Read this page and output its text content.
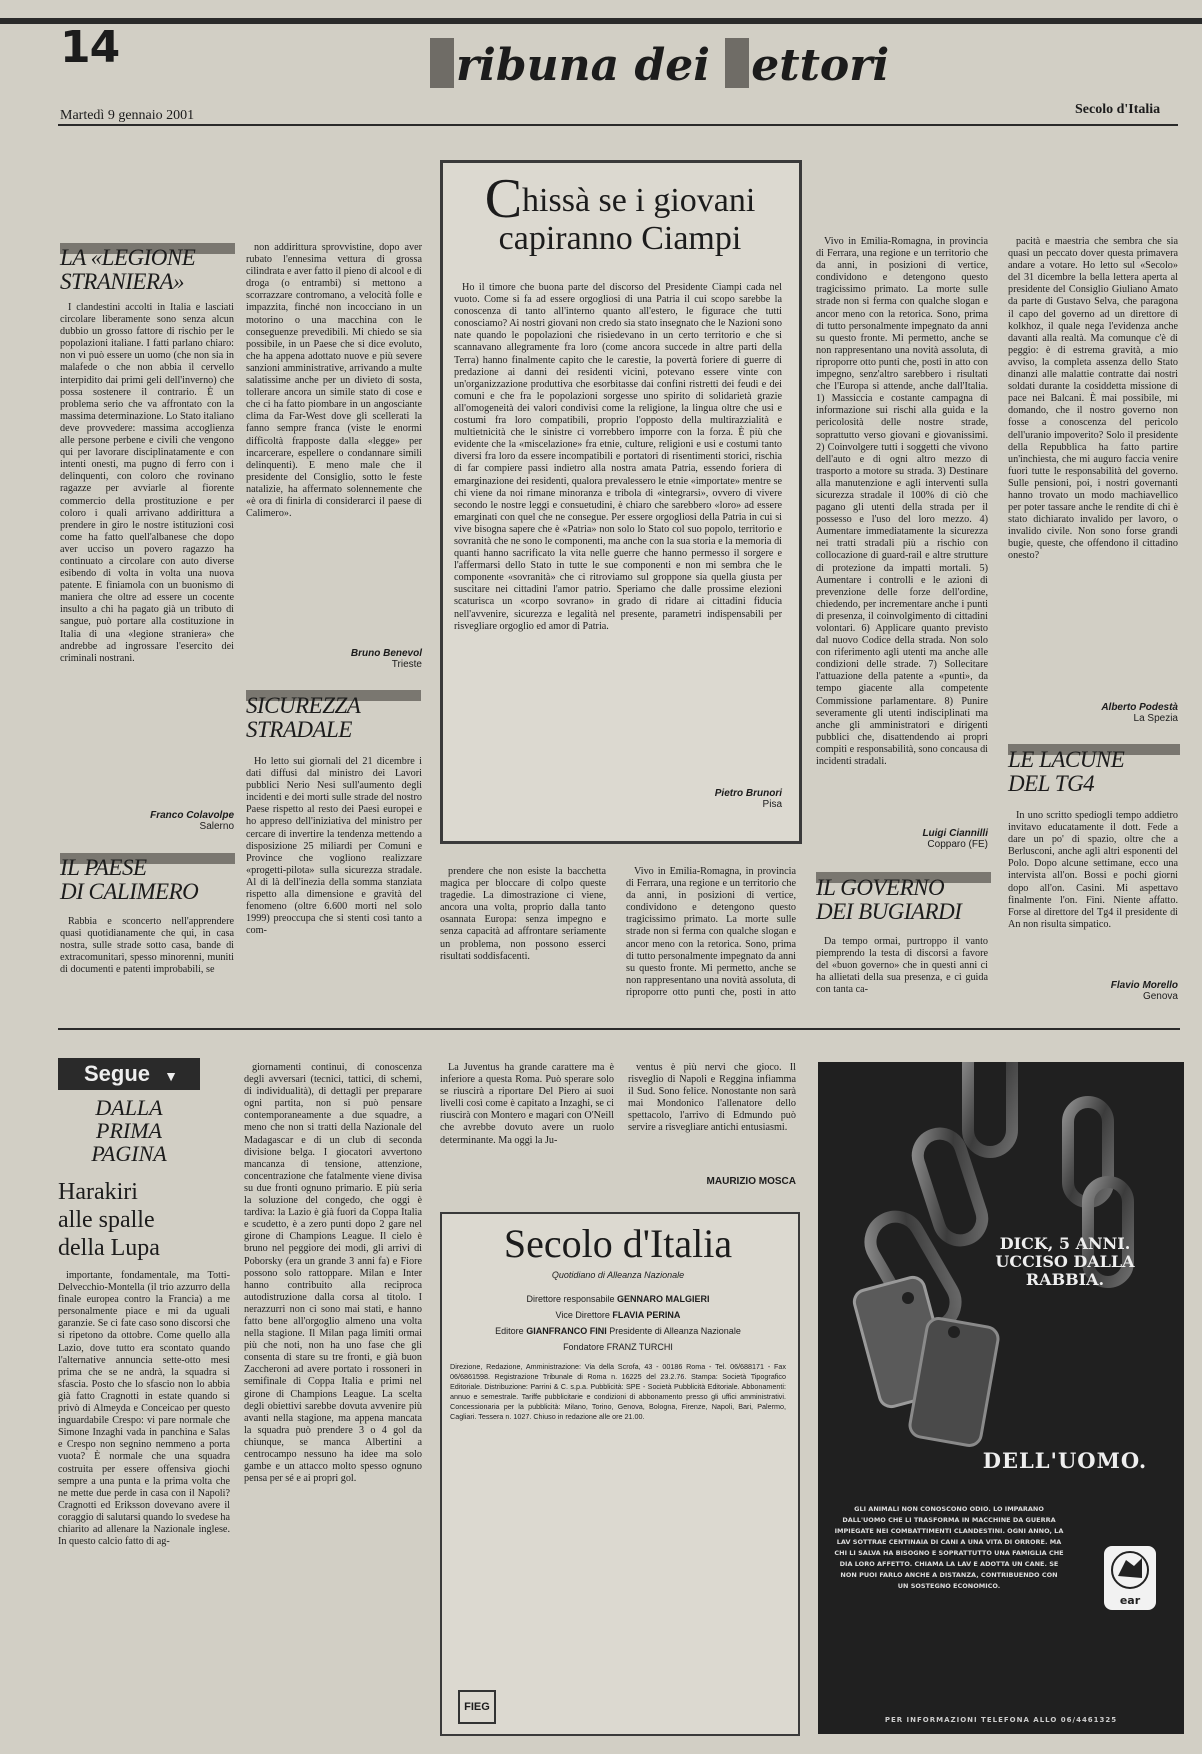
14	ribuna dei ettori
Martedì 9 gennaio 2001	Secolo d'Italia
LA «LEGIONE
STRANIERA»

I clandestini accolti in Italia e lasciati circolare liberamente sono senza alcun dubbio un grosso fattore di rischio per le popolazioni italiane. I fatti parlano chiaro: non vi può essere un uomo (che non sia in malafede o che non abbia il cervello interpidito dai primi geli dell'inverno) che possa sostenere il contrario. È un problema serio che va affrontato con la massima determinazione. Lo Stato italiano deve provvedere: massima accoglienza alle persone perbene e civili che vengono qui per lavorare disciplinatamente e con intenti onesti, ma pugno di ferro con i delinquenti, con coloro che rovinano ragazze per avviarle al fiorente commercio della prostituzione e per coloro i quali arrivano addirittura a prendere in giro le nostre istituzioni così come ha fatto quell'albanese che dopo aver ucciso un povero ragazzo ha continuato a circolare con auto diverse esibendo di volta in volta una nuova patente. E finiamola con un buonismo di maniera che oltre ad essere un cocente insulto a chi ha pagato già un tributo di sangue, può portare alla costituzione in Italia di una «legione straniera» che andrebbe ad ingrossare l'esercito dei criminali nostrani.

Franco Colavolpe
Salerno
IL PAESE
DI CALIMERO

Rabbia e sconcerto nell'apprendere quasi quotidianamente che qui, in casa nostra, sulle strade sotto casa, bande di extracomunitari, spesso minorenni, muniti di documenti e patenti improbabili, se

non addirittura sprovvistine, dopo aver rubato l'ennesima vettura di grossa cilindrata e aver fatto il pieno di alcool e di droga (o entrambi) si mettono a scorrazzare contromano, a velocità folle e impazzita, finché non incocciano in un motorino o una macchina con le conseguenze prevedibili. Mi chiedo se sia possibile, in un Paese che si dice evoluto, che ha appena adottato nuove e più severe sanzioni amministrative, arrivando a multe salatissime anche per un divieto di sosta, tollerare ancora un simile stato di cose e che ci ha fatto piombare in un angosciante clima da Far-West dove gli scellerati la fanno sempre franca (viste le enormi difficoltà frapposte dalla «legge» per incarcerare, espellere o condannare simili delinquenti). E meno male che il presidente del Consiglio, sotto le feste natalizie, ha affermato solennemente che «è ora di finirla di considerarci il paese di Calimero».

Bruno Benevol
Trieste
SICUREZZA
STRADALE

Ho letto sui giornali del 21 dicembre i dati diffusi dal ministro dei Lavori pubblici Nerio Nesi sull'aumento degli incidenti e dei morti sulle strade del nostro Paese rispetto al resto dei Paesi europei e ho appreso dell'iniziativa del ministro per cercare di invertire la tendenza mettendo a disposizione 25 miliardi per Comuni e Province che vogliono realizzare «progetti-pilota» sulla sicurezza stradale. Al di là dell'inezia della somma stanziata rispetto alla dimensione e gravità del fenomeno (oltre 6.600 morti nel solo 1999) preoccupa che si stenti così tanto a com-

Chissà se i giovani
capiranno Ciampi

Ho il timore che buona parte del discorso del Presidente Ciampi cada nel vuoto. Come si fa ad essere orgogliosi di una Patria il cui scopo sarebbe la conoscenza di tanto all'interno quanto all'estero, le figurace che tutti conosciamo? Ai nostri giovani non credo sia stato insegnato che le Nazioni sono nate quando le popolazioni che risiedevano in un certo territorio e che si scannavano allegramente fra loro (come ancora succede in altre parti della Terra) hanno finalmente capito che le carestie, la povertà foriere di guerre di predazione ai danni dei residenti vicini, potevano essere vinte con un'organizzazione produttiva che esorbitasse dai confini ristretti dei feudi e dei comuni e che fra le popolazioni sorgesse uno spirito di solidarietà grazie all'omogeneità dei valori condivisi come la religione, la lingua oltre che usi e costumi fra loro compatibili, proprio l'opposto della multirazzialità e multietnicità che le sinistre ci vorrebbero imporre con la forza. È più che evidente che la «miscelazione» fra etnie, culture, religioni e usi e costumi tanto diversi fra loro da essere incompatibili e portatori di risentimenti storici, rischia di far compiere passi indietro alla nostra amata Patria, essendo foriera di emarginazione dei residenti, qualora prevalessero le etnie «importate» mentre se chi viene da noi rimane minoranza e tribola di «integrarsi», ovvero di vivere secondo le nostre leggi e consuetudini, è chiaro che sarebbero «loro» ad essere emarginati con quel che ne consegue. Per essere orgogliosi della Patria in cui si vive bisogna sapere che è «Patria» non solo lo Stato col suo popolo, territorio e sovranità che ne sono le componenti, ma anche con la sua storia e la memoria di quanti hanno sacrificato la vita nelle guerre che hanno permesso il sorgere e l'affermarsi dello Stato in tutte le sue componenti e non mi sembra che le componente «sovranità» che ci ritroviamo sul groppone sia quella giusta per suscitare nei cittadini l'amor patrio. Speriamo che dalle prossime elezioni scaturisca un «corpo sovrano» in grado di ridare ai cittadini fiducia nell'avvenire, sicurezza e legalità nel presente, parametri indispensabili per risvegliare orgoglio ed amor di Patria.

Pietro Brunori
Pisa

prendere che non esiste la bacchetta magica per bloccare di colpo queste tragedie. La dimostrazione ci viene, ancora una volta, proprio dalla tanto osannata Europa: senza impegno e senza capacità ad affrontare seriamente un problema, non possono esserci risultati soddisfacenti.

Vivo in Emilia-Romagna, in provincia di Ferrara, una regione e un territorio che da anni, in posizioni di vertice, condividono e detengono questo tragicissimo primato. La morte sulle strade non si ferma con qualche slogan e ancor meno con la retorica. Sono, prima di tutto personalmente impegnato da anni su questo fronte. Mi permetto, anche se non rappresentano una novità assoluta, di riproporre otto punti che, posti in atto

Vivo in Emilia-Romagna, in provincia di Ferrara, una regione e un territorio che da anni, in posizioni di vertice, condividono e detengono questo tragicissimo primato. La morte sulle strade non si ferma con qualche slogan e ancor meno con la retorica. Sono, prima di tutto personalmente impegnato da anni su questo fronte. Mi permetto, anche se non rappresentano una novità assoluta, di riproporre otto punti che, posti in atto con impegno, senz'altro sarebbero i risultati che l'Europa si attende, anche dall'Italia. 1) Massiccia e costante campagna di informazione sui rischi alla guida e la pericolosità delle nostre strade, soprattutto verso giovani e giovanissimi. 2) Coinvolgere tutti i soggetti che vivono dell'auto e di ogni altro mezzo di trasporto a motore su strada. 3) Destinare alla manutenzione e agli interventi sulla sicurezza stradale il 100% di ciò che pagano gli utenti della strada per il possesso e l'uso del loro mezzo. 4) Aumentare immediatamente la sicurezza nei tratti stradali più a rischio con collocazione di guard-rail e altre strutture di protezione da impatti mortali. 5) Aumentare i controlli e le azioni di prevenzione delle forze dell'ordine, chiedendo, per incrementare anche i punti di presenza, il coinvolgimento di cittadini volontari. 6) Applicare quanto previsto dal nuovo Codice della strada. Non solo con riferimento agli utenti ma anche alle condizioni delle strade. 7) Sollecitare l'attuazione della patente a «punti», da tempo giacente alla competente Commissione parlamentare. 8) Punire severamente gli utenti indisciplinati ma anche gli amministratori e dirigenti pubblici che, disattendendo ai propri compiti e responsabilità, sono concausa di incidenti stradali.

Luigi Ciannilli
Copparo (FE)
IL GOVERNO
DEI BUGIARDI

Da tempo ormai, purtroppo il vanto piemprendo la testa di discorsi a favore del «buon governo» che in questi anni ci ha allietati della sua presenza, e ci guida con tanta ca-

pacità e maestria che sembra che sia quasi un peccato dover questa primavera andare a votare. Ho letto sul «Secolo» del 31 dicembre la bella lettera aperta al presidente del Consiglio Giuliano Amato da parte di Gustavo Selva, che paragona il capo del governo ad un direttore di kolkhoz, il quale nega l'evidenza anche davanti alla realtà. Ma comunque c'è di peggio: è di estrema gravità, a mio avviso, la completa assenza dello Stato dinanzi alle malattie contratte dai nostri soldati durante la cosiddetta missione di pace nei Balcani. È mai possibile, mi domando, che il nostro governo non fosse a conoscenza del pericolo dell'uranio impoverito? Solo il presidente della Repubblica ha fatto partire un'inchiesta, che mi auguro faccia venire fuori tutte le responsabilità del governo. Sulle pensioni, poi, i nostri governanti hanno trovato un modo machiavellico per poter tassare anche le rendite di chi è stato dichiarato invalido per lavoro, o invalido civile. Non sono forse grandi bugie, queste, che offendono il cittadino onesto?

Alberto Podestà
La Spezia
LE LACUNE
DEL TG4

In uno scritto spediogli tempo addietro invitavo educatamente il dott. Fede a dare un po' di spazio, oltre che a Berlusconi, anche agli altri esponenti del Polo. Dopo alcune settimane, ecco una intervista all'on. Bossi e pochi giorni dopo all'on. Casini. Mi aspettavo finalmente l'on. Fini. Niente affatto. Forse al direttore del Tg4 il presidente di An non risulta simpatico.

Flavio Morello
Genova
Segue ▼
DALLA
PRIMA
PAGINA
Harakiri
alle spalle
della Lupa

importante, fondamentale, ma Totti-Delvecchio-Montella (il trio azzurro della finale europea contro la Francia) a me personalmente piace e mi da uguali garanzie. Se ci fate caso sono discorsi che si ripetono da ottobre. Come quello alla Lazio, dove tutto era scontato quando l'alternative annuncia sette-otto mesi prima che se ne andrà, la squadra si sfascia. Posto che lo sfascio non lo abbia già fatto Cragnotti in estate quando si privò di Almeyda e Conceicao per questo inguardabile Crespo: vi pare normale che Simone Inzaghi vada in panchina e Salas e Crespo non segnino nemmeno a porta vuota? È normale che una squadra costruita per essere offensiva giochi sempre a una punta e la prima volta che ne mette due perde in casa con il Napoli? Cragnotti ed Eriksson dovevano avere il coraggio di salutarsi quando lo svedese ha chiarito ad allenare la Nazionale inglese. In questo calcio fatto di ag-

giornamenti continui, di conoscenza degli avversari (tecnici, tattici, di schemi, di individualità), di dettagli per preparare ogni partita, non si può pensare contemporaneamente a due squadre, a meno che non si tratti della Nazionale del Madagascar e di un club di seconda divisione belga. I giocatori avvertono mancanza di tensione, attenzione, concentrazione che fatalmente viene divisa su due fronti ognuno primario. E più seria la soluzione del congedo, che oggi è tardiva: la Lazio è già fuori da Coppa Italia e scudetto, è a zero punti dopo 2 gare nel girone di Champions League. Il cielo è bruno nel peggiore dei modi, gli arrivi di Poborsky (era un grande 3 anni fa) e Fiore possono solo rattoppare. Milan e Inter hanno contribuito alla reciproca autodistruzione dalla corsa al titolo. I nerazzurri non ci sono mai stati, e hanno fatto bene all'orgoglio almeno una volta nella stagione. Il Milan paga limiti ormai più che noti, non ha uno fase che gli consenta di stare su tre fronti, e già buon Zaccheroni ad avere portato i rossoneri in semifinale di Coppa Italia e primi nel girone di Champions League. La scelta degli obiettivi sarebbe dovuta avvenire più avanti nella stagione, ma appena mancata la squadra può prendere 3 o 4 gol da chiunque, se manca Albertini a centrocampo nessuno ha idee ma solo gambe e un attacco molto spesso ognuno pensa per sé e ai propri gol.

La Juventus ha grande carattere ma è inferiore a questa Roma. Può sperare solo se riuscirà a riportare Del Piero ai suoi livelli così come è capitato a Inzaghi, se ci riuscirà con Montero e magari con O'Neill che avrebbe dovuto avere un ruolo determinante. Ma oggi la Ju-

ventus è più nervi che gioco. Il risveglio di Napoli e Reggina infiamma il Sud. Sono felice. Nonostante non sarà mai Mondonico l'allenatore dello spettacolo, l'arrivo di Edmundo può servire a risvegliare antichi entusiasmi.

MAURIZIO MOSCA
Secolo d'Italia
Quotidiano di Alleanza Nazionale
Direttore responsabile GENNARO MALGIERI
Vice Direttore FLAVIA PERINA
Editore GIANFRANCO FINI Presidente di Alleanza Nazionale
Fondatore FRANZ TURCHI
Direzione, Redazione, Amministrazione: Via della Scrofa, 43 - 00186 Roma - Tel. 06/688171 - Fax 06/6861598. Registrazione Tribunale di Roma n. 16225 del 23.2.76. Stampa: Società Tipografico Editoriale. Distribuzione: Parrini & C. s.p.a. Pubblicità: SPE - Società Pubblicità Editoriale. Abbonamenti: annuo e semestrale. Tariffe pubblicitarie e condizioni di abbonamento presso gli uffici amministrativi. Concessionaria per la pubblicità: Milano, Torino, Genova, Bologna, Firenze, Napoli, Bari, Palermo, Cagliari. Tessera n. 1027. Chiuso in redazione alle ore 21.00.
FIEG
DICK, 5 ANNI.
UCCISO DALLA RABBIA.
DELL'UOMO.
GLI ANIMALI NON CONOSCONO ODIO. LO IMPARANO DALL'UOMO CHE LI TRASFORMA IN MACCHINE DA GUERRA IMPIEGATE NEI COMBATTIMENTI CLANDESTINI. OGNI ANNO, LA LAV SOTTRAE CENTINAIA DI CANI A UNA VITA DI ORRORE. MA CHI LI SALVA HA BISOGNO E SOPRATTUTTO UNA FAMIGLIA CHE DIA LORO AFFETTO. CHIAMA LA LAV E ADOTTA UN CANE. SE NON PUOI FARLO ANCHE A DISTANZA, CONTRIBUENDO CON UN SOSTEGNO ECONOMICO.
ear
PER INFORMAZIONI TELEFONA ALLO 06/4461325
